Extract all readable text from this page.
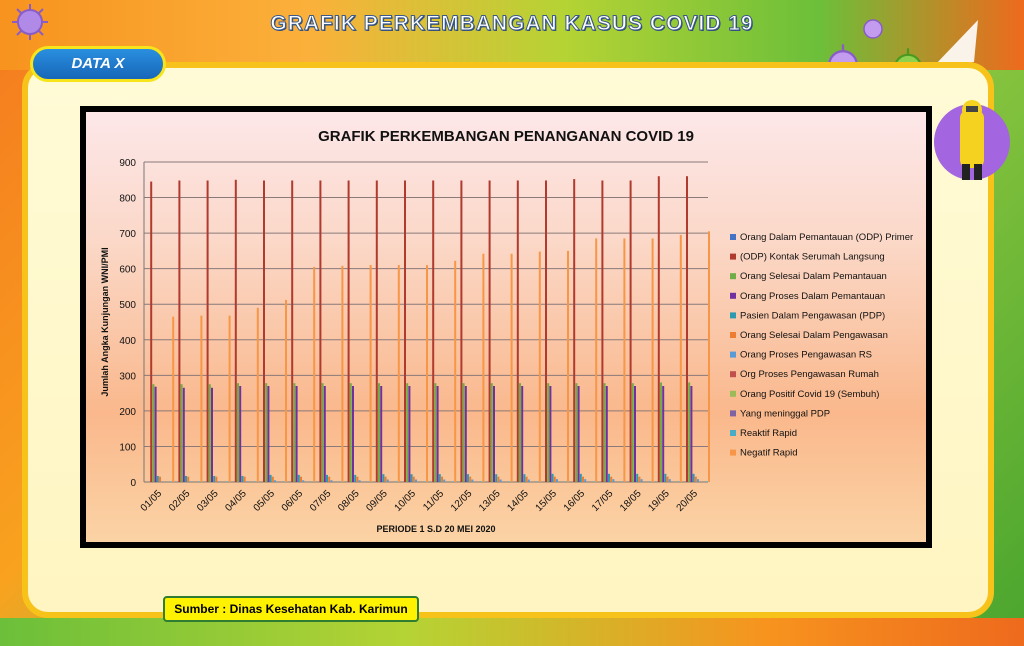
GRAFIK PERKEMBANGAN KASUS COVID 19
DATA X
GRAFIK PERKEMBANGAN PENANGANAN COVID 19
0
100
200
300
400
500
600
700
800
900
Jumlah Angka Kunjungan WNI/PMI
01/05 02/05 03/05 04/05 05/05 06/05 07/05 08/05 09/05 10/05 11/05 12/05 13/05 14/05 15/05 16/05 17/05 18/05 19/05 20/05
PERIODE 1 S.D 20 MEI 2020
Orang Dalam Pemantauan (ODP) Primer
(ODP) Kontak Serumah Langsung
Orang Selesai Dalam Pemantauan
Orang Proses Dalam Pemantauan
Pasien Dalam Pengawasan (PDP)
Orang Selesai Dalam Pengawasan
Orang Proses Pengawasan RS
Org Proses Pengawasan Rumah
Orang Positif Covid 19 (Sembuh)
Yang meninggal PDP
Reaktif Rapid
Negatif Rapid
Sumber : Dinas Kesehatan Kab. Karimun
